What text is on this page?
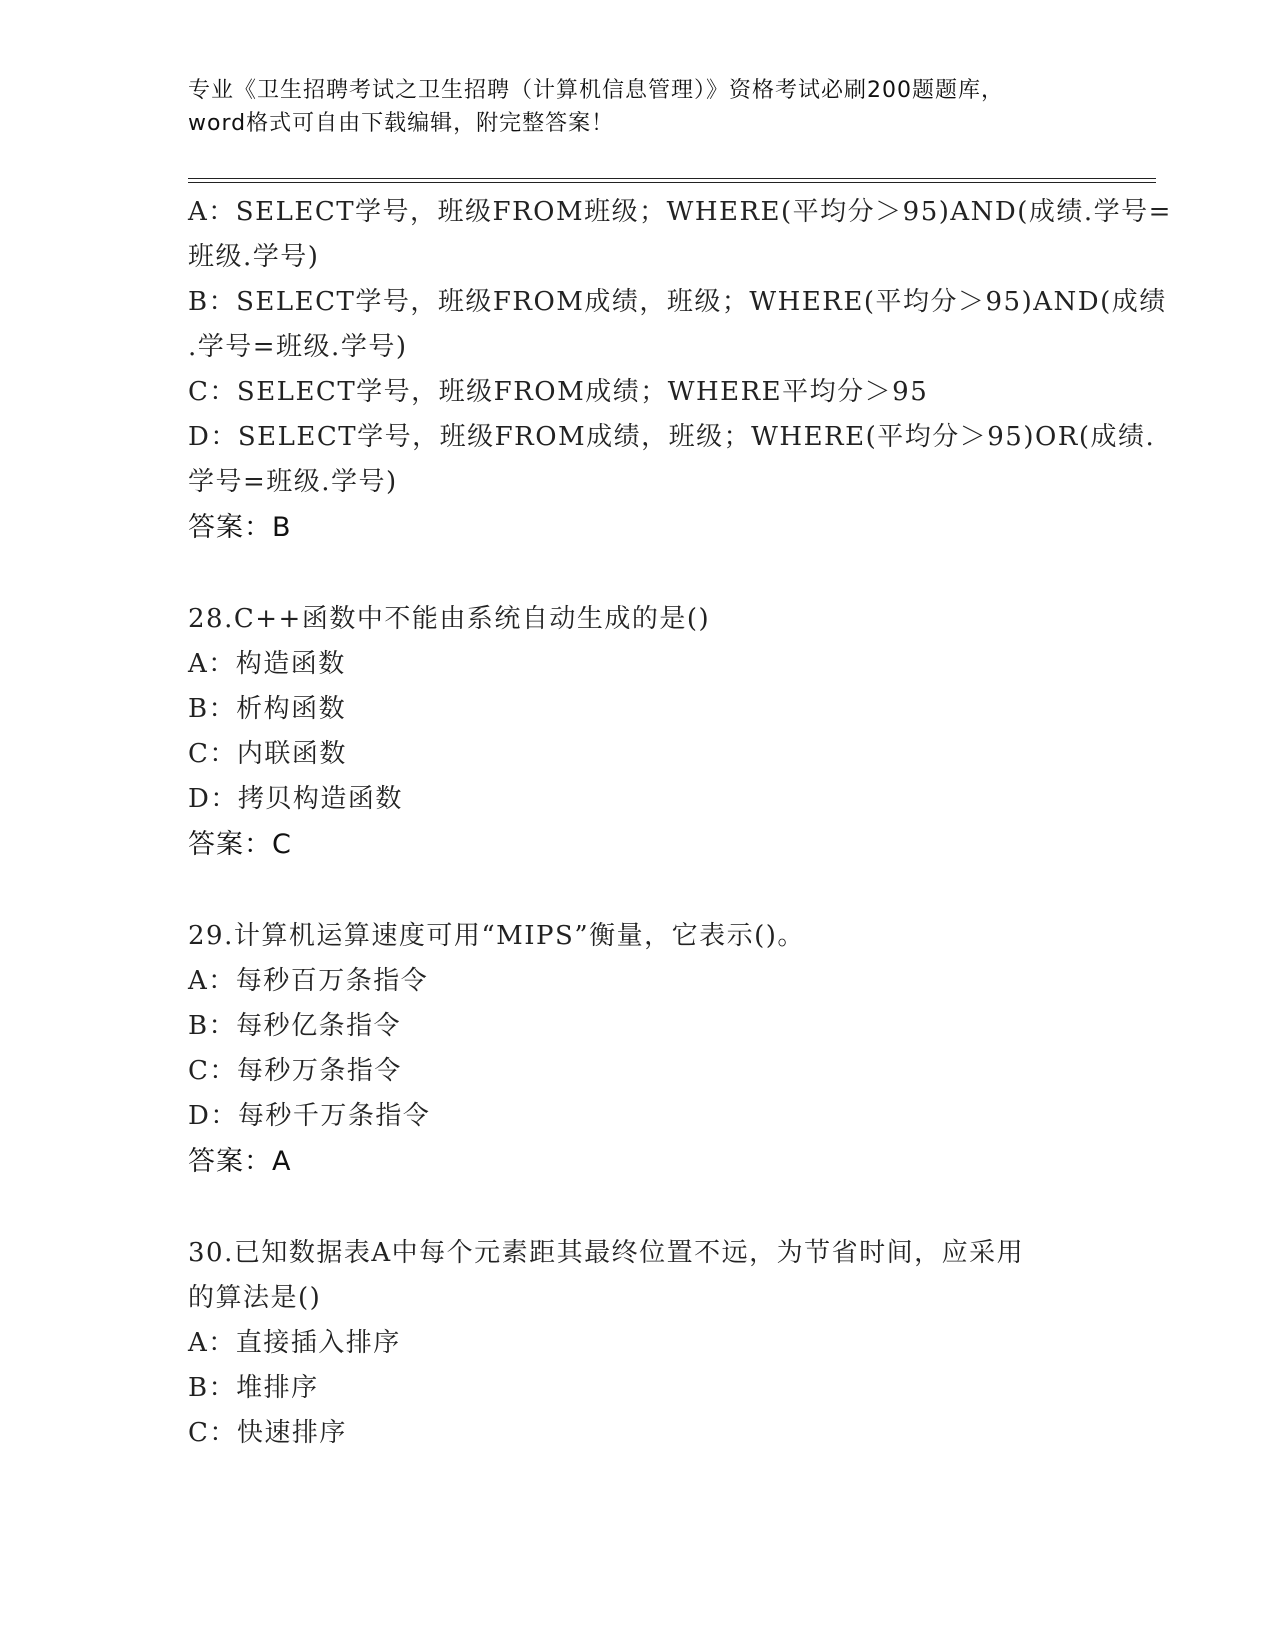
专业《卫生招聘考试之卫生招聘（计算机信息管理）》资格考试必刷200题题库，
word格式可自由下载编辑，附完整答案！
A：SELECT学号，班级FROM班级；WHERE(平均分＞95)AND(成绩.学号=
班级.学号)
B：SELECT学号，班级FROM成绩，班级；WHERE(平均分＞95)AND(成绩
.学号=班级.学号)
C：SELECT学号，班级FROM成绩；WHERE平均分＞95
D：SELECT学号，班级FROM成绩，班级；WHERE(平均分＞95)OR(成绩.
学号=班级.学号)
答案：B
28.C++函数中不能由系统自动生成的是()
A：构造函数
B：析构函数
C：内联函数
D：拷贝构造函数
答案：C
29.计算机运算速度可用“MIPS”衡量，它表示()。
A：每秒百万条指令
B：每秒亿条指令
C：每秒万条指令
D：每秒千万条指令
答案：A
30.已知数据表A中每个元素距其最终位置不远，为节省时间，应采用
的算法是()
A：直接插入排序
B：堆排序
C：快速排序
